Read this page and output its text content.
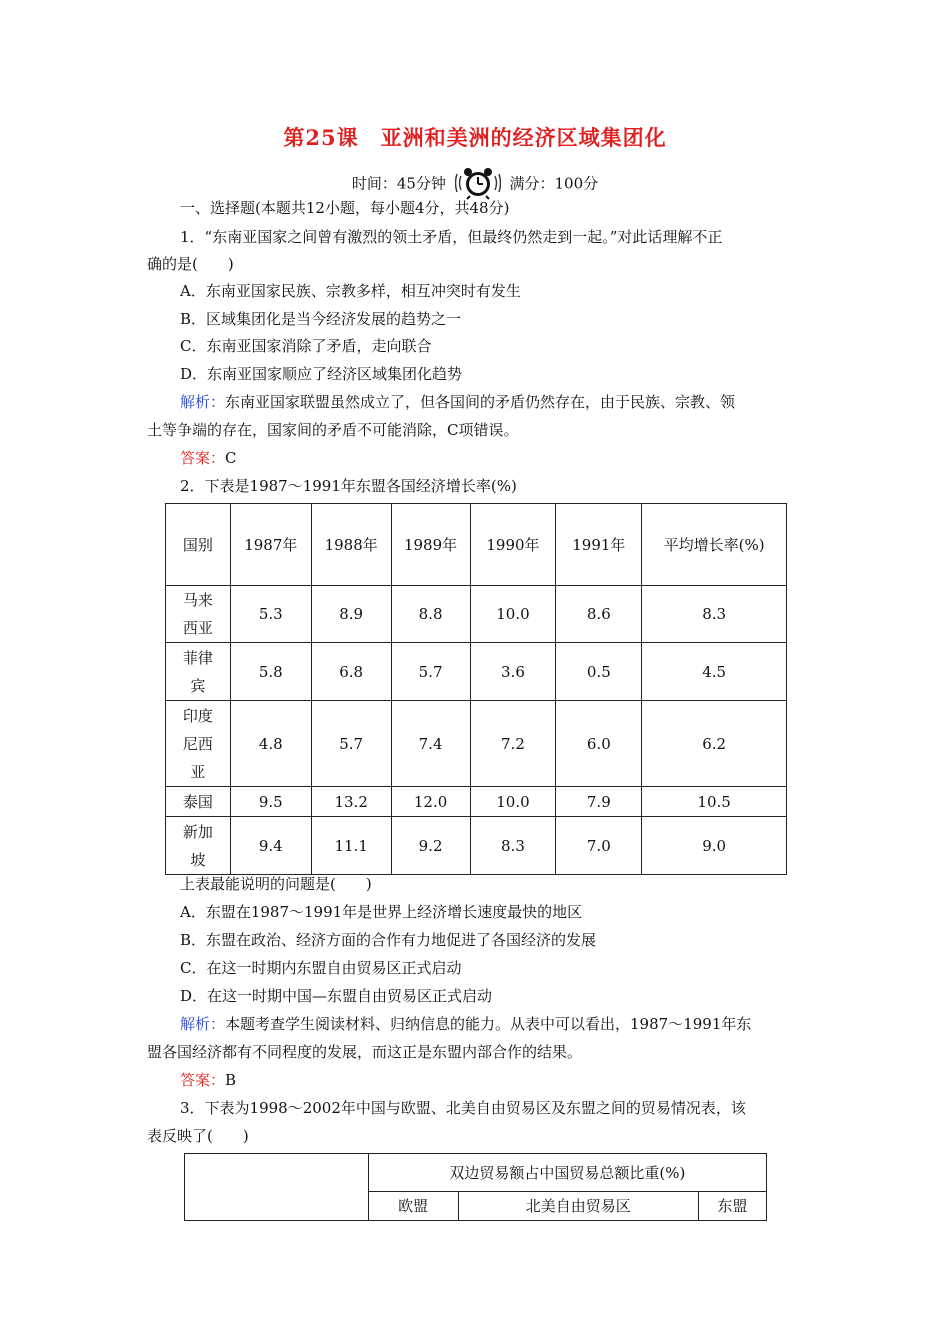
第25课 亚洲和美洲的经济区域集团化
时间：45分钟	满分：100分
一、选择题(本题共12小题，每小题4分，共48分)
1．“东南亚国家之间曾有激烈的领土矛盾，但最终仍然走到一起。”对此话理解不正
确的是(　　)
A．东南亚国家民族、宗教多样，相互冲突时有发生
B．区域集团化是当今经济发展的趋势之一
C．东南亚国家消除了矛盾，走向联合
D．东南亚国家顺应了经济区域集团化趋势
解析：东南亚国家联盟虽然成立了，但各国间的矛盾仍然存在，由于民族、宗教、领
土等争端的存在，国家间的矛盾不可能消除，C项错误。
答案：C
2．下表是1987～1991年东盟各国经济增长率(%)
国别	1987年	1988年	1989年	1990年	1991年	平均增长率(%)

马来
西亚	5.3	8.9	8.8	10.0	8.6	8.3

菲律
宾	5.8	6.8	5.7	3.6	0.5	4.5

印度
尼西
亚	4.8	5.7	7.4	7.2	6.0	6.2

泰国	9.5	13.2	12.0	10.0	7.9	10.5

新加
坡	9.4	11.1	9.2	8.3	7.0	9.0
上表最能说明的问题是(　　)
A．东盟在1987～1991年是世界上经济增长速度最快的地区
B．东盟在政治、经济方面的合作有力地促进了各国经济的发展
C．在这一时期内东盟自由贸易区正式启动
D．在这一时期中国—东盟自由贸易区正式启动
解析：本题考查学生阅读材料、归纳信息的能力。从表中可以看出，1987～1991年东
盟各国经济都有不同程度的发展，而这正是东盟内部合作的结果。
答案：B
3．下表为1998～2002年中国与欧盟、北美自由贸易区及东盟之间的贸易情况表，该
表反映了(　　)
	双边贸易额占中国贸易总额比重(%)		
	欧盟	北美自由贸易区	东盟
